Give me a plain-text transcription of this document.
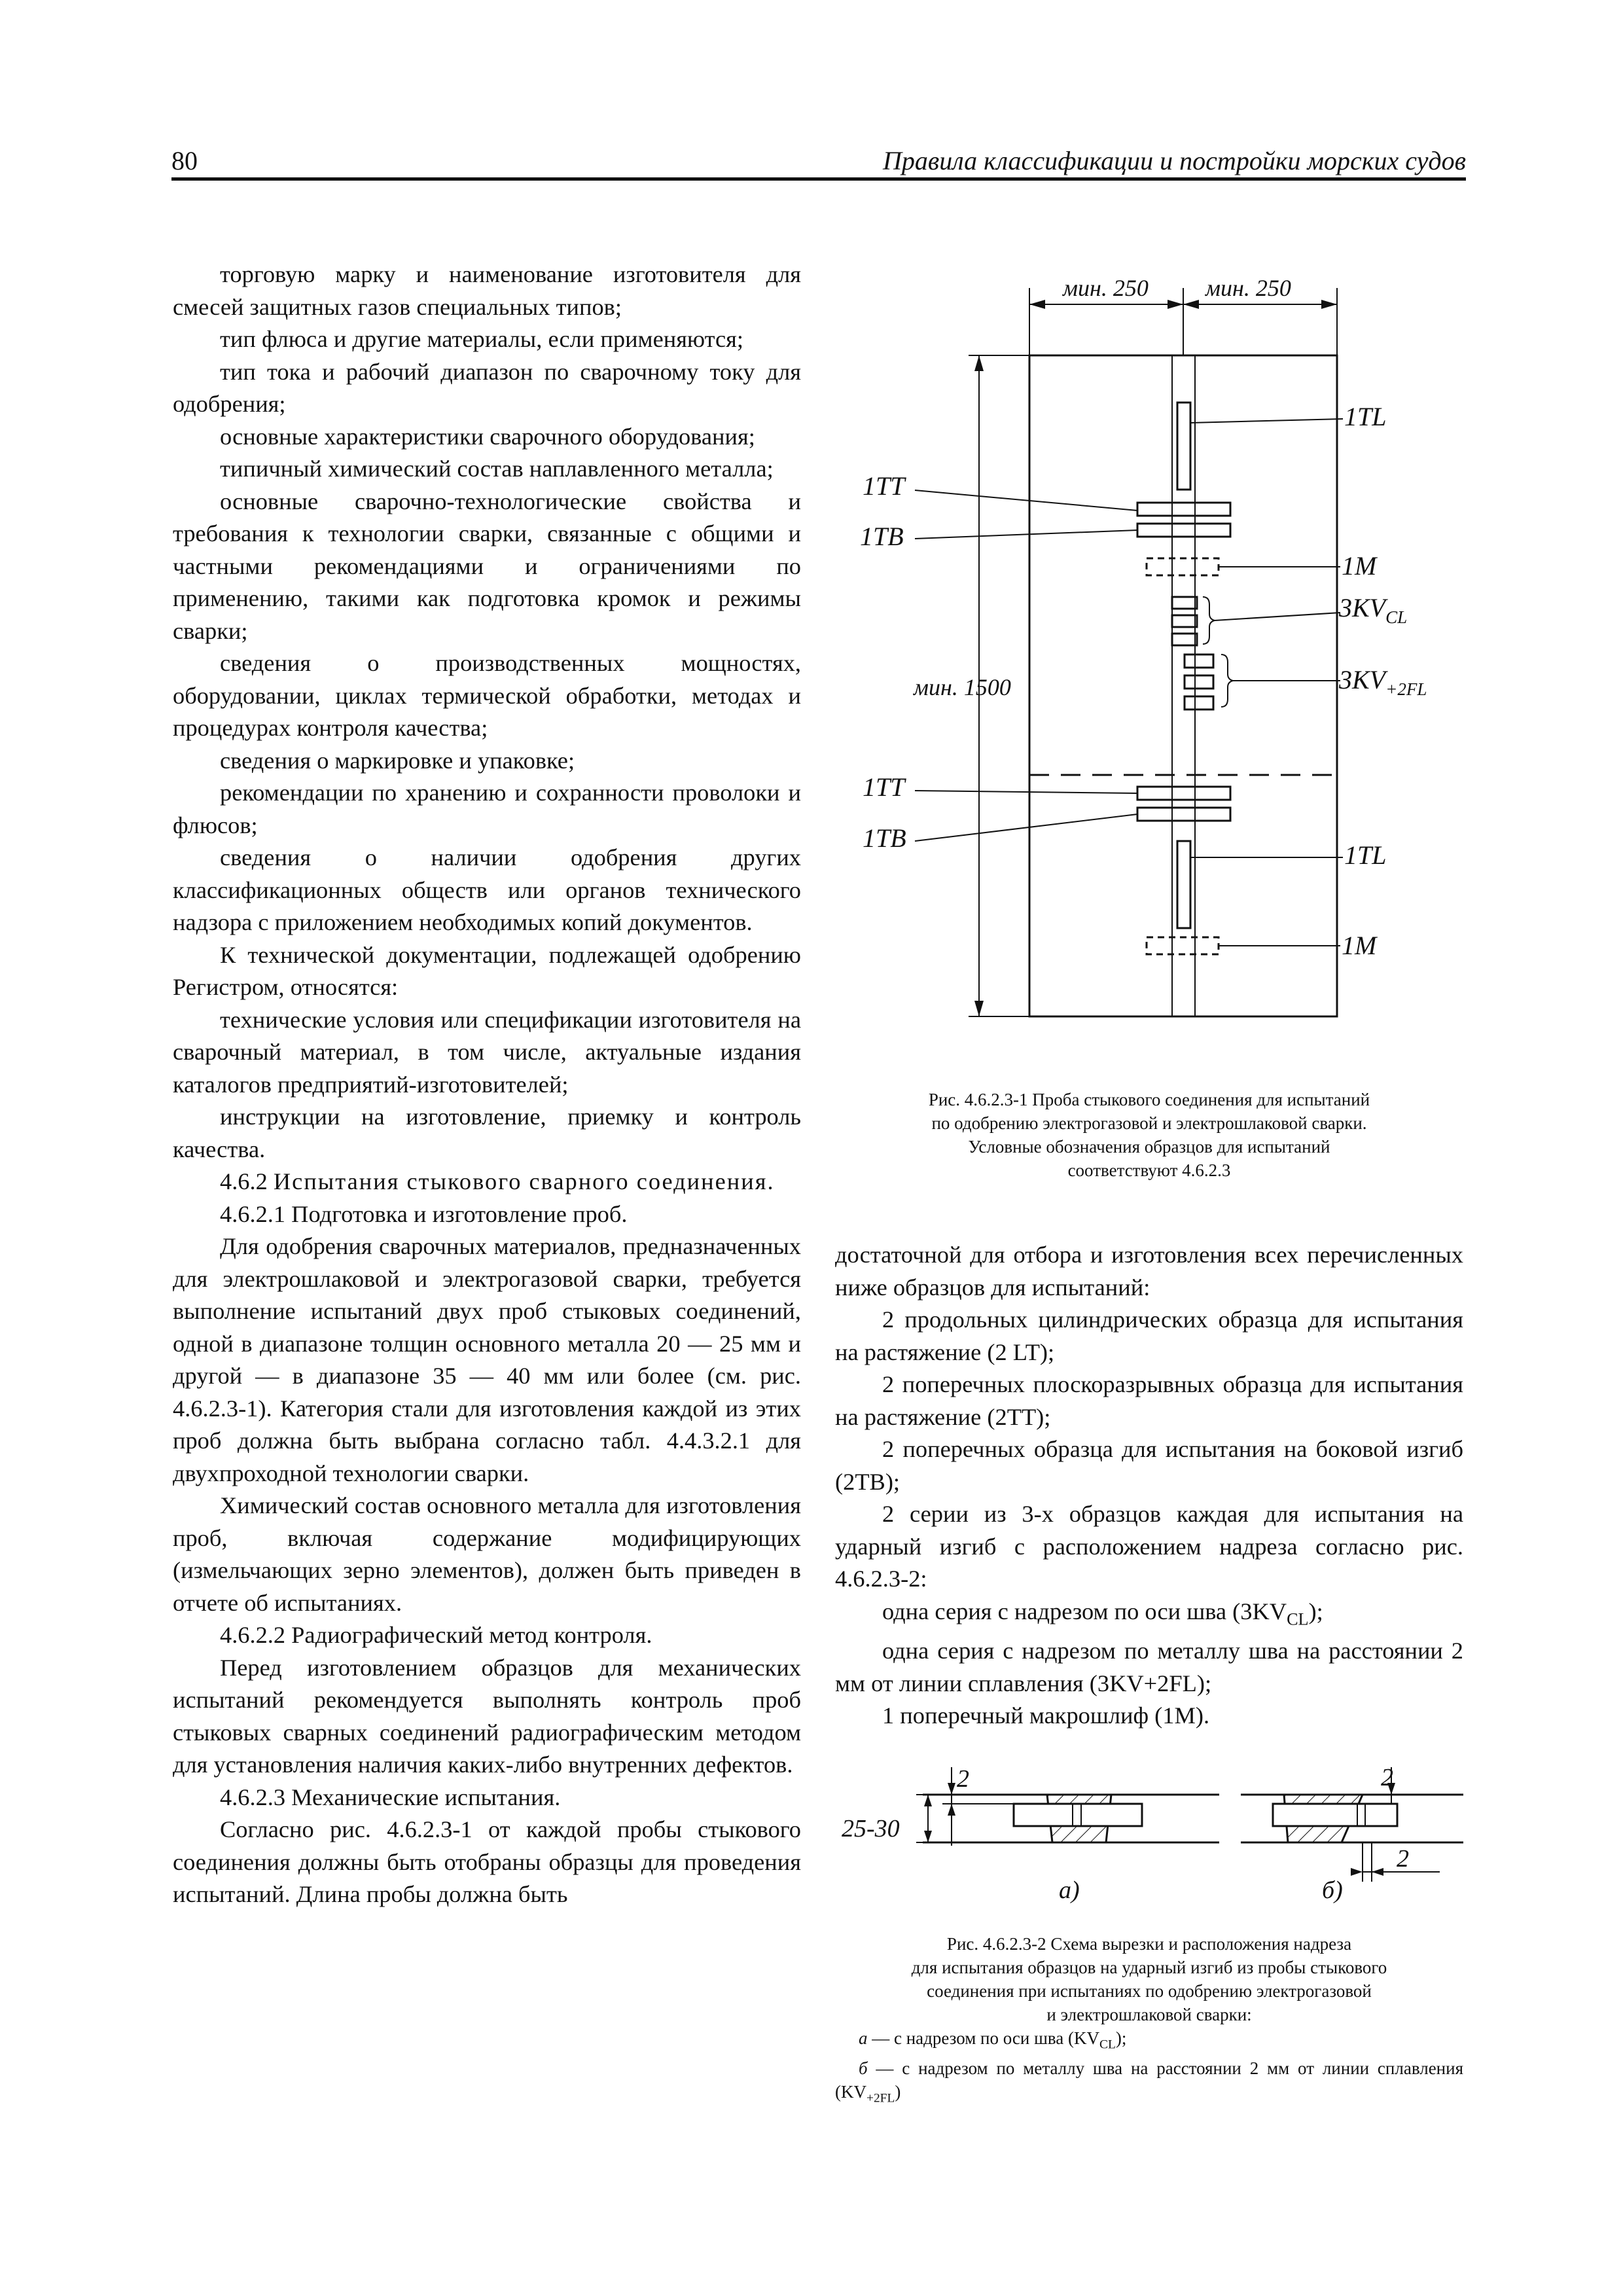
80	Правила классификации и постройки морских судов

торговую марку и наименование изготовителя для смесей защитных газов специальных типов;

тип флюса и другие материалы, если применяются;

тип тока и рабочий диапазон по сварочному току для одобрения;

основные характеристики сварочного оборудования;

типичный химический состав наплавленного металла;

основные сварочно-технологические свойства и требования к технологии сварки, связанные с общими и частными рекомендациями и ограничениями по применению, такими как подготовка кромок и режимы сварки;

сведения о производственных мощностях, оборудовании, циклах термической обработки, методах и процедурах контроля качества;

сведения о маркировке и упаковке;

рекомендации по хранению и сохранности проволоки и флюсов;

сведения о наличии одобрения других классификационных обществ или органов технического надзора с приложением необходимых копий документов.

К технической документации, подлежащей одобрению Регистром, относятся:

технические условия или спецификации изготовителя на сварочный материал, в том числе, актуальные издания каталогов предприятий-изготовителей;

инструкции на изготовление, приемку и контроль качества.

4.6.2 Испытания стыкового сварного соединения.

4.6.2.1 Подготовка и изготовление проб.

Для одобрения сварочных материалов, предназначенных для электрошлаковой и электрогазовой сварки, требуется выполнение испытаний двух проб стыковых соединений, одной в диапазоне толщин основного металла 20 — 25 мм и другой — в диапазоне 35 — 40 мм или более (см. рис. 4.6.2.3-1). Категория стали для изготовления каждой из этих проб должна быть выбрана согласно табл. 4.4.3.2.1 для двухпроходной технологии сварки.

Химический состав основного металла для изготовления проб, включая содержание модифицирующих (измельчающих зерно элементов), должен быть приведен в отчете об испытаниях.

4.6.2.2 Радиографический метод контроля.

Перед изготовлением образцов для механических испытаний рекомендуется выполнять контроль проб стыковых сварных соединений радиографическим методом для установления наличия каких-либо внутренних дефектов.

4.6.2.3 Механические испытания.

Согласно рис. 4.6.2.3-1 от каждой пробы стыкового соединения должны быть отобраны образцы для проведения испытаний. Длина пробы должна быть

мин. 250 мин. 250
мин. 1500
1TL
1TT
1TB
1M
$3KV_{CL}$
$3KV_{+2FL}$
1TT
1TB
1TL
1M
Рис. 4.6.2.3-1 Проба стыкового соединения для испытаний
по одобрению электрогазовой и электрошлаковой сварки.
Условные обозначения образцов для испытаний
соответствуют 4.6.2.3

достаточной для отбора и изготовления всех перечисленных ниже образцов для испытаний:

2 продольных цилиндрических образца для испытания на растяжение (2 LT);

2 поперечных плоскоразрывных образца для испытания на растяжение (2TT);

2 поперечных образца для испытания на боковой изгиб (2TB);

2 серии из 3-х образцов каждая для испытания на ударный изгиб с расположением надреза согласно рис. 4.6.2.3-2:

одна серия с надрезом по оси шва $(3KV_{CL})$;

одна серия с надрезом по металлу шва на расстоянии 2 мм от линии сплавления (3KV+2FL);

1 поперечный макрошлиф (1М).

25-30
2	2
2
а)	б)
Рис. 4.6.2.3-2 Схема вырезки и расположения надреза
для испытания образцов на ударный изгиб из пробы стыкового
соединения при испытаниях по одобрению электрогазовой
и электрошлаковой сварки:
а — с надрезом по оси шва $(KV_{CL})$;
б — с надрезом по металлу шва на расстоянии 2 мм от линии сплавления $(KV_{+2FL})$
